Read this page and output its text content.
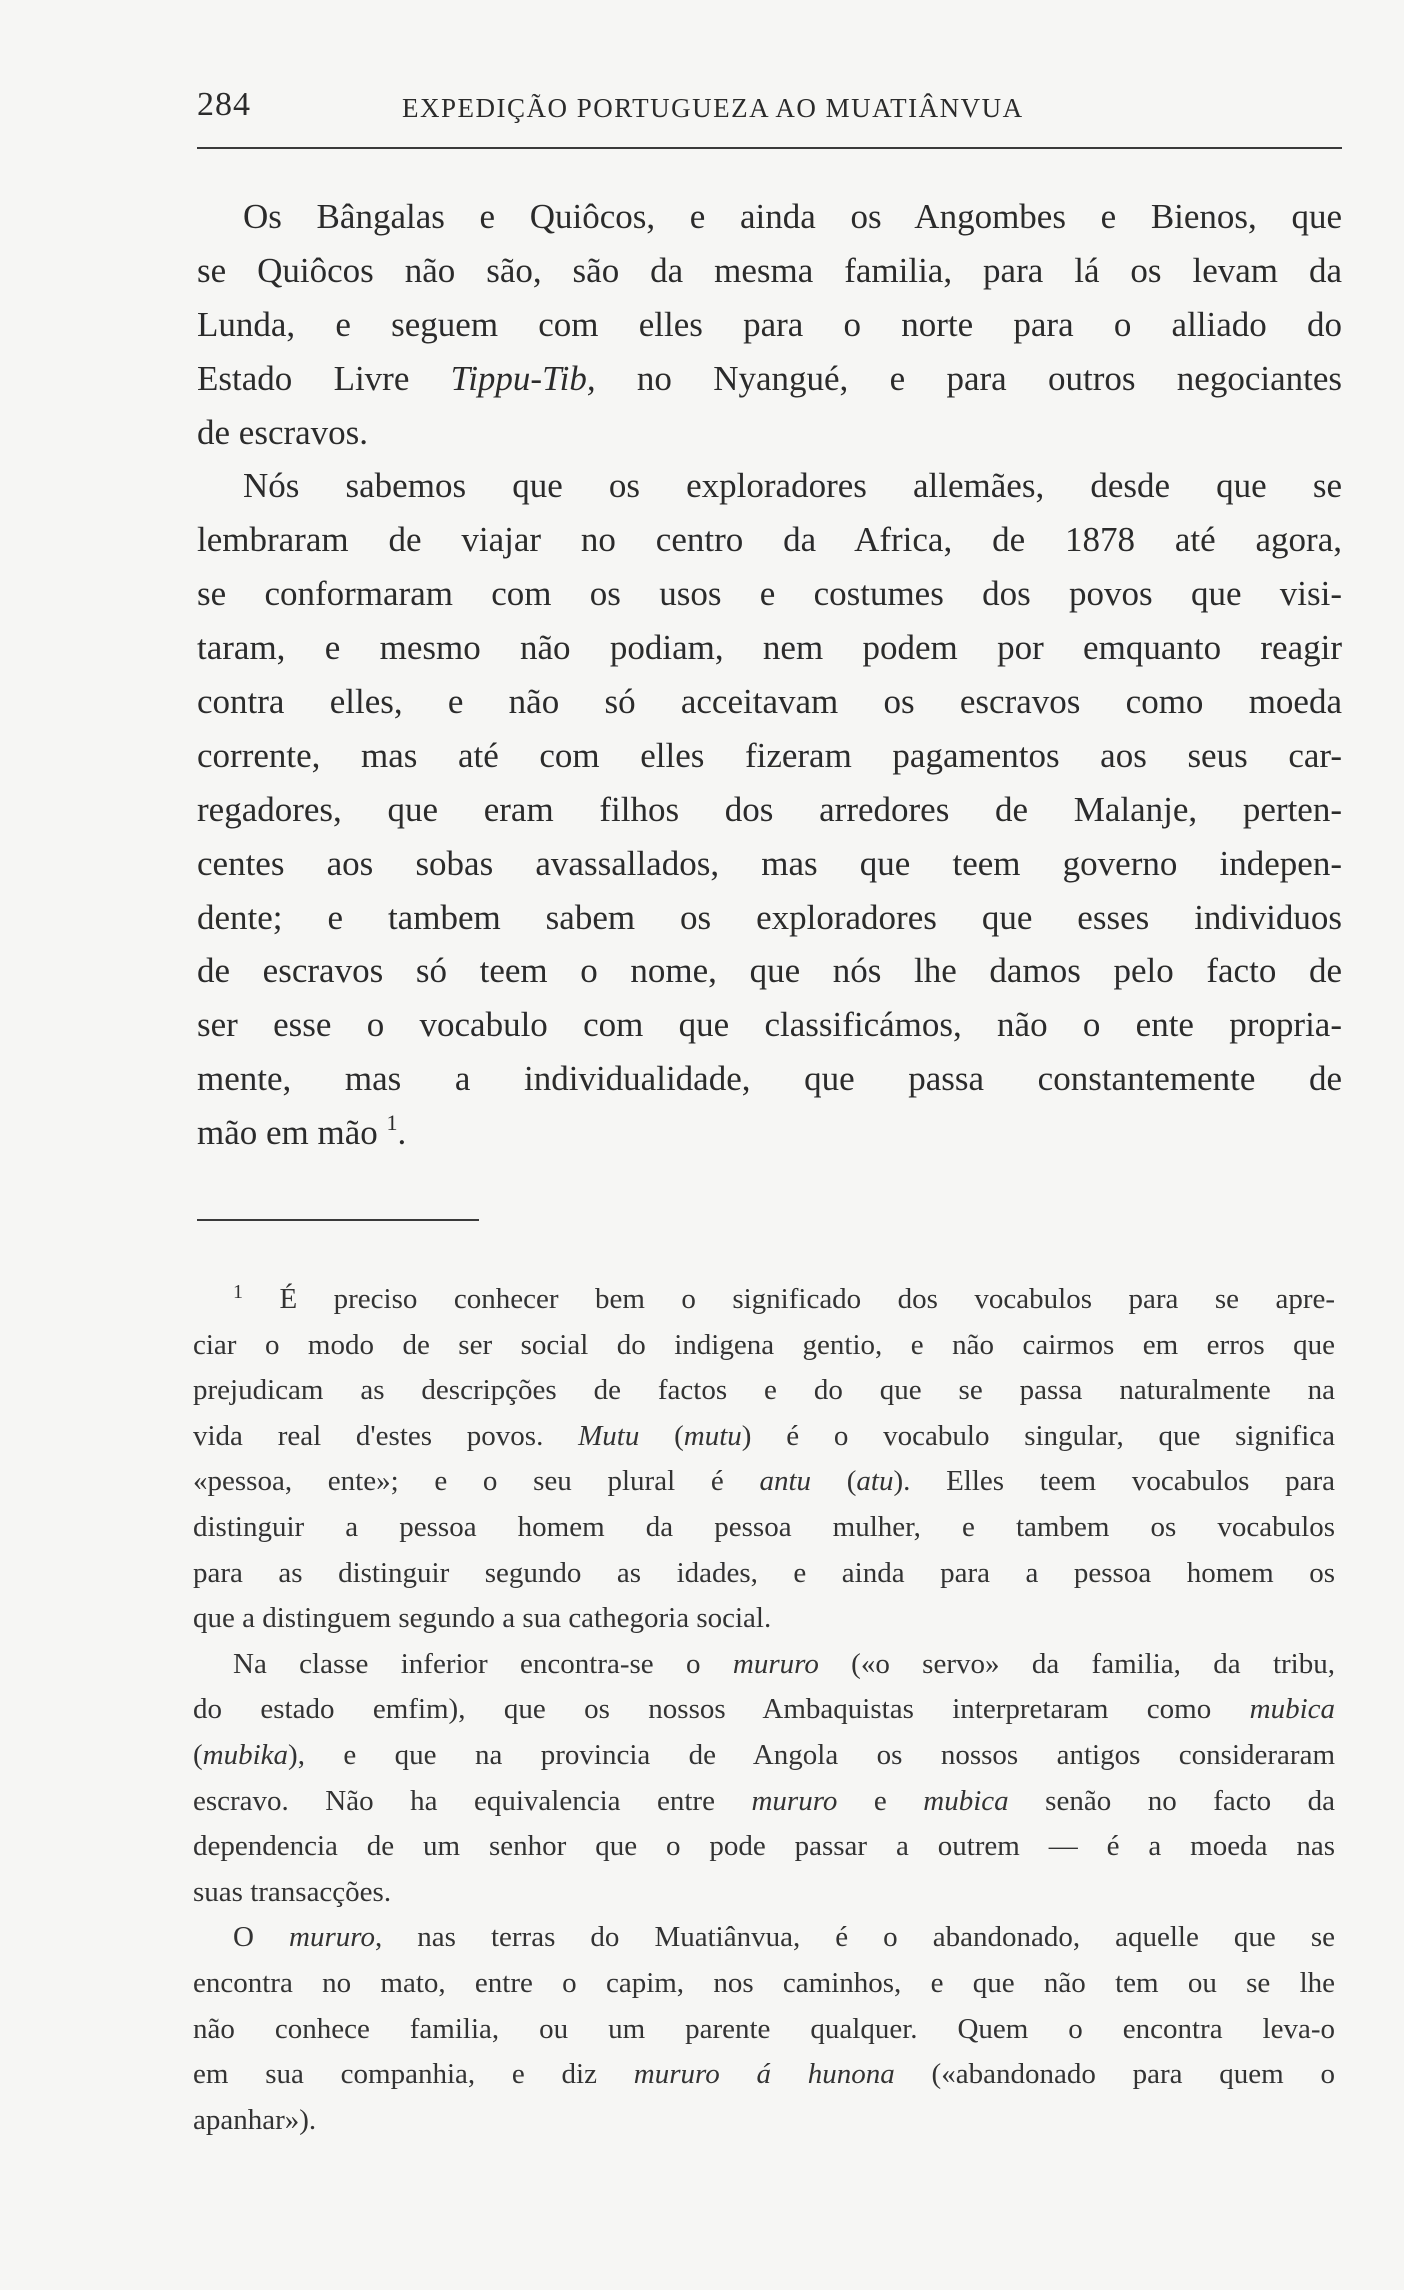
284	EXPEDIÇÃO PORTUGUEZA AO MUATIÂNVUA
Os Bângalas e Quiôcos, e ainda os Angombes e Bienos, que
se Quiôcos não são, são da mesma familia, para lá os levam da
Lunda, e seguem com elles para o norte para o alliado do
Estado Livre Tippu-Tib, no Nyangué, e para outros negociantes
de escravos.
Nós sabemos que os exploradores allemães, desde que se
lembraram de viajar no centro da Africa, de 1878 até agora,
se conformaram com os usos e costumes dos povos que visi-
taram, e mesmo não podiam, nem podem por emquanto reagir
contra elles, e não só acceitavam os escravos como moeda
corrente, mas até com elles fizeram pagamentos aos seus car-
regadores, que eram filhos dos arredores de Malanje, perten-
centes aos sobas avassallados, mas que teem governo indepen-
dente; e tambem sabem os exploradores que esses individuos
de escravos só teem o nome, que nós lhe damos pelo facto de
ser esse o vocabulo com que classificámos, não o ente propria-
mente, mas a individualidade, que passa constantemente de
mão em mão $^1$.
$^1$ É preciso conhecer bem o significado dos vocabulos para se apre-
ciar o modo de ser social do indigena gentio, e não cairmos em erros que
prejudicam as descripções de factos e do que se passa naturalmente na
vida real d'estes povos. Mutu (mutu) é o vocabulo singular, que significa
«pessoa, ente»; e o seu plural é antu (atu). Elles teem vocabulos para
distinguir a pessoa homem da pessoa mulher, e tambem os vocabulos
para as distinguir segundo as idades, e ainda para a pessoa homem os
que a distinguem segundo a sua cathegoria social.
Na classe inferior encontra-se o mururo («o servo» da familia, da tribu,
do estado emfim), que os nossos Ambaquistas interpretaram como mubica
(mubika), e que na provincia de Angola os nossos antigos consideraram
escravo. Não ha equivalencia entre mururo e mubica senão no facto da
dependencia de um senhor que o pode passar a outrem — é a moeda nas
suas transacções.
O mururo, nas terras do Muatiânvua, é o abandonado, aquelle que se
encontra no mato, entre o capim, nos caminhos, e que não tem ou se lhe
não conhece familia, ou um parente qualquer. Quem o encontra leva-o
em sua companhia, e diz mururo á hunona («abandonado para quem o
apanhar»).
